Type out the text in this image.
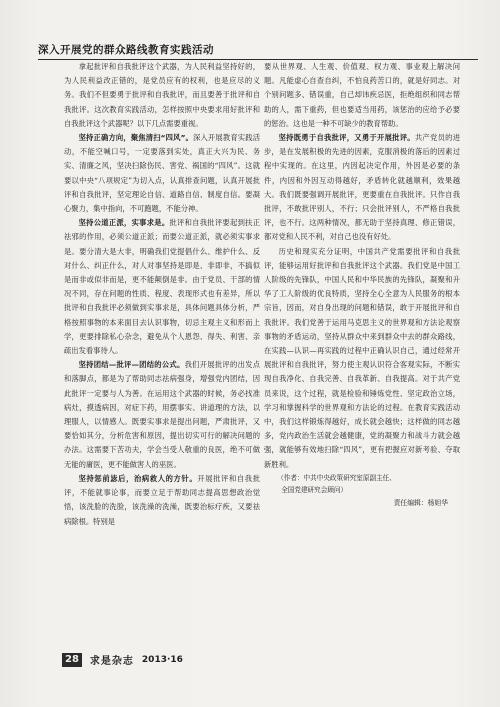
深入开展党的群众路线教育实践活动

拿起批评和自我批评这个武器，为人民利益坚持好的，为人民利益改正错的，是党员应有的权利，也是应尽的义务。我们不但要勇于批评和自我批评，而且要善于批评和自我批评。这次教育实践活动，怎样按照中央要求用好批评和自我批评这个武器呢？以下几点需要重视。

坚持正确方向，聚焦清扫“四风”。深入开展教育实践活动，不能空喊口号，一定要落到实处，真正大兴为民、务实、清廉之风，坚决扫除伤民、害党、祸国的“四风”。这就要以中央“八项规定”为切入点，认真排查问题，认真开展批评和自我批评，坚定理论自信、道路自信、制度自信。要凝心聚力，集中指向，不可跑题，不能分神。

坚持公道正派，实事求是。批评和自我批评要起到扶正祛邪的作用，必须公道正派；而要公道正派，就必须实事求是。要分清大是大非，明确我们党提倡什么、维护什么、反对什么、纠正什么，对人对事坚持是即是、非即非，不搞似是而非或似非而是，更不能颠倒是非。由于党员、干部的情况不同，存在问题的性质、程度、表现形式也有差异，所以批评和自我批评必须做到实事求是，具体问题具体分析，严格按照事物的本来面目去认识事物，切忌主观主义和形而上学，更要排除私心杂念，避免从个人恩怨、得失、利害、亲疏出发看事待人。

坚持团结—批评—团结的公式。我们开展批评的出发点和落脚点，都是为了帮助同志祛病强身，增强党内团结，因此批评一定要与人为善。在运用这个武器的时候，务必找准病灶，摸透病因，对症下药，用摆事实、讲道理的方法，以理服人，以情感人。既要实事求是提出问题，严肃批评，又要恰如其分，分析危害和原因，提出切实可行的解决问题的办法。这需要下苦功夫，学会当受人敬重的良医，绝不可做无能的庸医，更不能做害人的巫医。

坚持惩前毖后，治病救人的方针。开展批评和自我批评，不能就事论事，而要立足于帮助同志提高思想政治觉悟，该洗脸的洗脸，该洗澡的洗澡，既要治标疗疾，又要祛病除根。特别是

要从世界观、人生观、价值观、权力观、事业观上解决问题。凡能虚心自查自纠，不怕良药苦口的，就是好同志。对个别问题多、错误重，自己却讳疾忌医，拒绝组织和同志帮助的人，需下重药，但也要适当用药，该惩治的应给予必要的惩治。这也是一种不可缺少的教育帮助。

坚持既勇于自我批评，又勇于开展批评。共产党员的进步，是在发展积极的先进的因素，克服消极的落后的因素过程中实现的。在这里，内因起决定作用，外因是必要的条件，内因和外因互动得越好，矛盾转化就越顺利，效果越大。我们既要强调开展批评，更要重在自我批评。只作自我批评，不敢批评别人，不行；只会批评别人，不严格自我批评，也不行。这两种情况，都无助于坚持真理、修正错误，都对党和人民不利，对自己也没有好处。

历史和现实充分证明，中国共产党需要批评和自我批评，能够运用好批评和自我批评这个武器。我们党是中国工人阶级的先锋队，中国人民和中华民族的先锋队，凝聚和升华了工人阶级的优良特质，坚持全心全意为人民服务的根本宗旨，因而，对自身出现的问题和错误，敢于开展批评和自我批评。我们党善于运用马克思主义的世界观和方法论观察事物的矛盾运动，坚持从群众中来到群众中去的群众路线，在实践—认识—再实践的过程中正确认识自己，通过经常开展批评和自我批评，努力使主观认识符合客观实际，不断实现自我净化、自我完善、自我革新、自我提高。对于共产党员来说，这个过程，就是检验和锤炼党性、坚定政治立场，学习和掌握科学的世界观和方法论的过程。在教育实践活动中，我们这样锻炼得越好，成长就会越快；这样做的同志越多，党内政治生活就会越健康，党的凝聚力和战斗力就会越强，就能够有效地扫除“四风”，更有把握应对新考验、夺取新胜利。

（作者：中共中央政策研究室原副主任、

全国党建研究会顾问）

责任编辑：杨妲华

28	求是杂志 2013·16
